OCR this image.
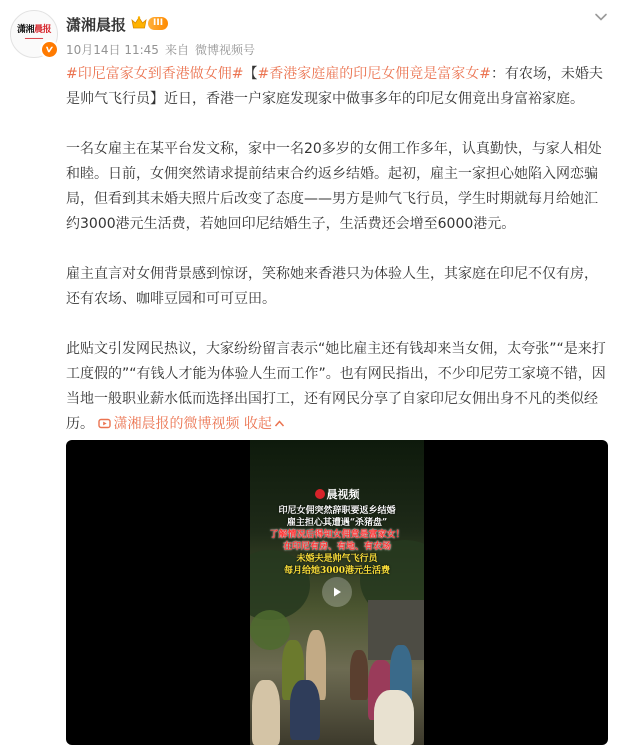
潇湘晨报
━━━━━━
潇湘晨报	III
10月14日 11:45 来自 微博视频号

#印尼富家女到香港做女佣#【#香港家庭雇的印尼女佣竟是富家女#：有农场，未婚夫是帅气飞行员】近日，香港一户家庭发现家中做事多年的印尼女佣竟出身富裕家庭。

一名女雇主在某平台发文称，家中一名20多岁的女佣工作多年，认真勤快，与家人相处和睦。日前，女佣突然请求提前结束合约返乡结婚。起初，雇主一家担心她陷入网恋骗局，但看到其未婚夫照片后改变了态度——男方是帅气飞行员，学生时期就每月给她汇约3000港元生活费，若她回印尼结婚生子，生活费还会增至6000港元。

雇主直言对女佣背景感到惊讶，笑称她来香港只为体验人生，其家庭在印尼不仅有房，还有农场、咖啡豆园和可可豆田。

此贴文引发网民热议，大家纷纷留言表示“她比雇主还有钱却来当女佣，太夸张”“是来打工度假的”“有钱人才能为体验人生而工作”。也有网民指出，不少印尼劳工家境不错，因当地一般职业薪水低而选择出国打工，还有网民分享了自家印尼女佣出身不凡的类似经历。 潇湘晨报的微博视频 收起

晨视频
印尼女佣突然辞职要返乡结婚
雇主担心其遭遇“杀猪盘”
了解情况后得知女佣竟是富家女！
在印尼有房、有地、有农场
未婚夫是帅气飞行员
每月给她3000港元生活费
